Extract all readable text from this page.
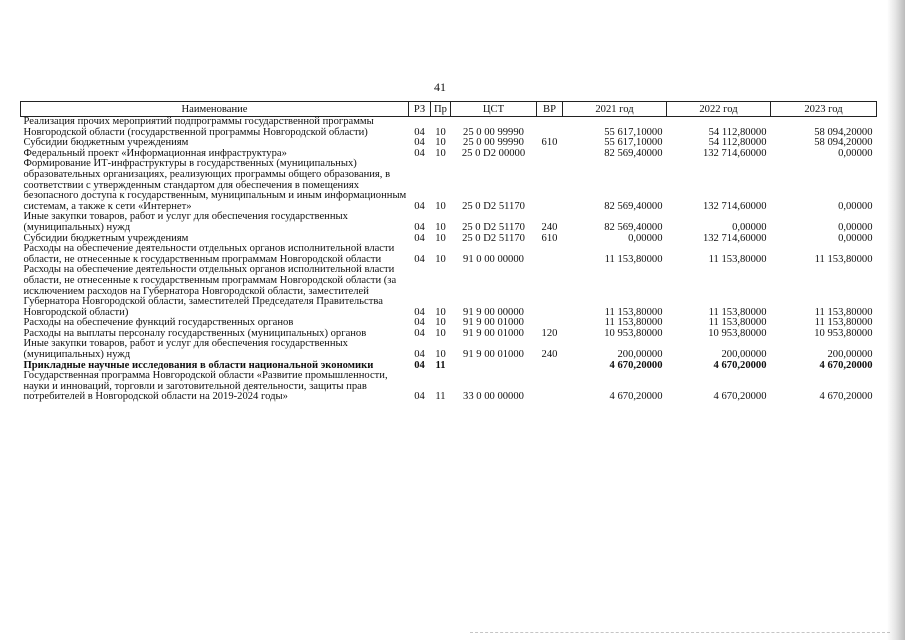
41
Наименование	РЗ	Пр	ЦСТ	ВР	2021 год	2022 год	2023 год
Реализация прочих мероприятий подпрограммы государственной программы Новгородской области (государственной программы Новгородской области)	04	10	25 0 00 99990		55 617,10000	54 112,80000	58 094,20000
Субсидии бюджетным учреждениям	04	10	25 0 00 99990	610	55 617,10000	54 112,80000	58 094,20000
Федеральный проект «Информационная инфраструктура»	04	10	25 0 D2 00000		82 569,40000	132 714,60000	0,00000
Формирование ИТ-инфраструктуры в государственных (муниципальных) образовательных организациях, реализующих программы общего образования, в соответствии с утвержденным стандартом для обеспечения в помещениях безопасного доступа к государственным, муниципальным и иным информационным системам, а также к сети «Интернет»	04	10	25 0 D2 51170		82 569,40000	132 714,60000	0,00000
Иные закупки товаров, работ и услуг для обеспечения государственных (муниципальных) нужд	04	10	25 0 D2 51170	240	82 569,40000	0,00000	0,00000
Субсидии бюджетным учреждениям	04	10	25 0 D2 51170	610	0,00000	132 714,60000	0,00000
Расходы на обеспечение деятельности отдельных органов исполнительной власти области, не отнесенные к государственным программам Новгородской области	04	10	91 0 00 00000		11 153,80000	11 153,80000	11 153,80000
Расходы на обеспечение деятельности отдельных органов исполнительной власти области, не отнесенные к государственным программам Новгородской области (за исключением расходов на Губернатора Новгородской области, заместителей Губернатора Новгородской области, заместителей Председателя Правительства Новгородской области)	04	10	91 9 00 00000		11 153,80000	11 153,80000	11 153,80000
Расходы на обеспечение функций государственных органов	04	10	91 9 00 01000		11 153,80000	11 153,80000	11 153,80000
Расходы на выплаты персоналу государственных (муниципальных) органов	04	10	91 9 00 01000	120	10 953,80000	10 953,80000	10 953,80000
Иные закупки товаров, работ и услуг для обеспечения государственных (муниципальных) нужд	04	10	91 9 00 01000	240	200,00000	200,00000	200,00000
Прикладные научные исследования в области национальной экономики	04	11			4 670,20000	4 670,20000	4 670,20000
Государственная программа Новгородской области «Развитие промышленности, науки и инноваций, торговли и заготовительной деятельности, защиты прав потребителей в Новгородской области на 2019-2024 годы»	04	11	33 0 00 00000		4 670,20000	4 670,20000	4 670,20000
